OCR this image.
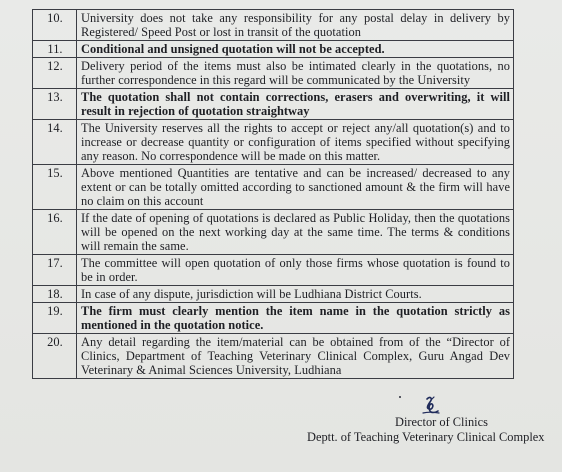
10.	University does not take any responsibility for any postal delay in delivery by Registered/ Speed Post or lost in transit of the quotation
11.	Conditional and unsigned quotation will not be accepted.
12.	Delivery period of the items must also be intimated clearly in the quotations, no further correspondence in this regard will be communicated by the University
13.	The quotation shall not contain corrections, erasers and overwriting, it will result in rejection of quotation straightway
14.	The University reserves all the rights to accept or reject any/all quotation(s) and to increase or decrease quantity or configuration of items specified without specifying any reason. No correspondence will be made on this matter.
15.	Above mentioned Quantities are tentative and can be increased/ decreased to any extent or can be totally omitted according to sanctioned amount & the firm will have no claim on this account
16.	If the date of opening of quotations is declared as Public Holiday, then the quotations will be opened on the next working day at the same time. The terms & conditions will remain the same.
17.	The committee will open quotation of only those firms whose quotation is found to be in order.
18.	In case of any dispute, jurisdiction will be Ludhiana District Courts.
19.	The firm must clearly mention the item name in the quotation strictly as mentioned in the quotation notice.
20.	Any detail regarding the item/material can be obtained from of the “Director of Clinics, Department of Teaching Veterinary Clinical Complex, Guru Angad Dev Veterinary & Animal Sciences University, Ludhiana
Director of Clinics
Deptt. of Teaching Veterinary Clinical Complex
